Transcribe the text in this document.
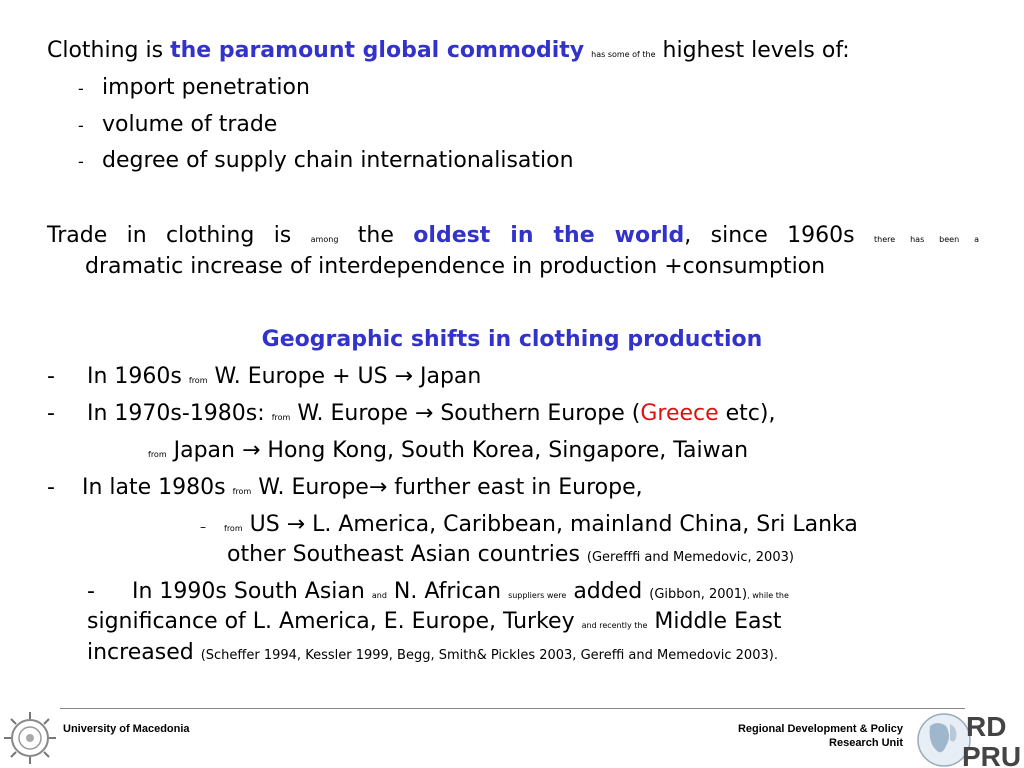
Clothing is the paramount global commodity has some of the highest levels of:
- import penetration
- volume of trade
- degree of supply chain internationalisation
Trade in clothing is among the oldest in the world, since 1960s there has been a
dramatic increase of interdependence in production +consumption
Geographic shifts in clothing production
- In 1960s from W. Europe + US → Japan
- In 1970s-1980s: from W. Europe → Southern Europe (Greece etc),
from Japan → Hong Kong, South Korea, Singapore, Taiwan
- In late 1980s from W. Europe→ further east in Europe,
– from US → L. America, Caribbean, mainland China, Sri Lanka
other Southeast Asian countries (Gerefffi and Memedovic, 2003)
- In 1990s South Asian and N. African suppliers were added (Gibbon, 2001), while the
significance of L. America, E. Europe, Turkey and recently the Middle East
increased (Scheffer 1994, Kessler 1999, Begg, Smith& Pickles 2003, Gereffi and Memedovic 2003).
University of Macedonia	Regional Development & Policy
Research Unit
RD
PRU
